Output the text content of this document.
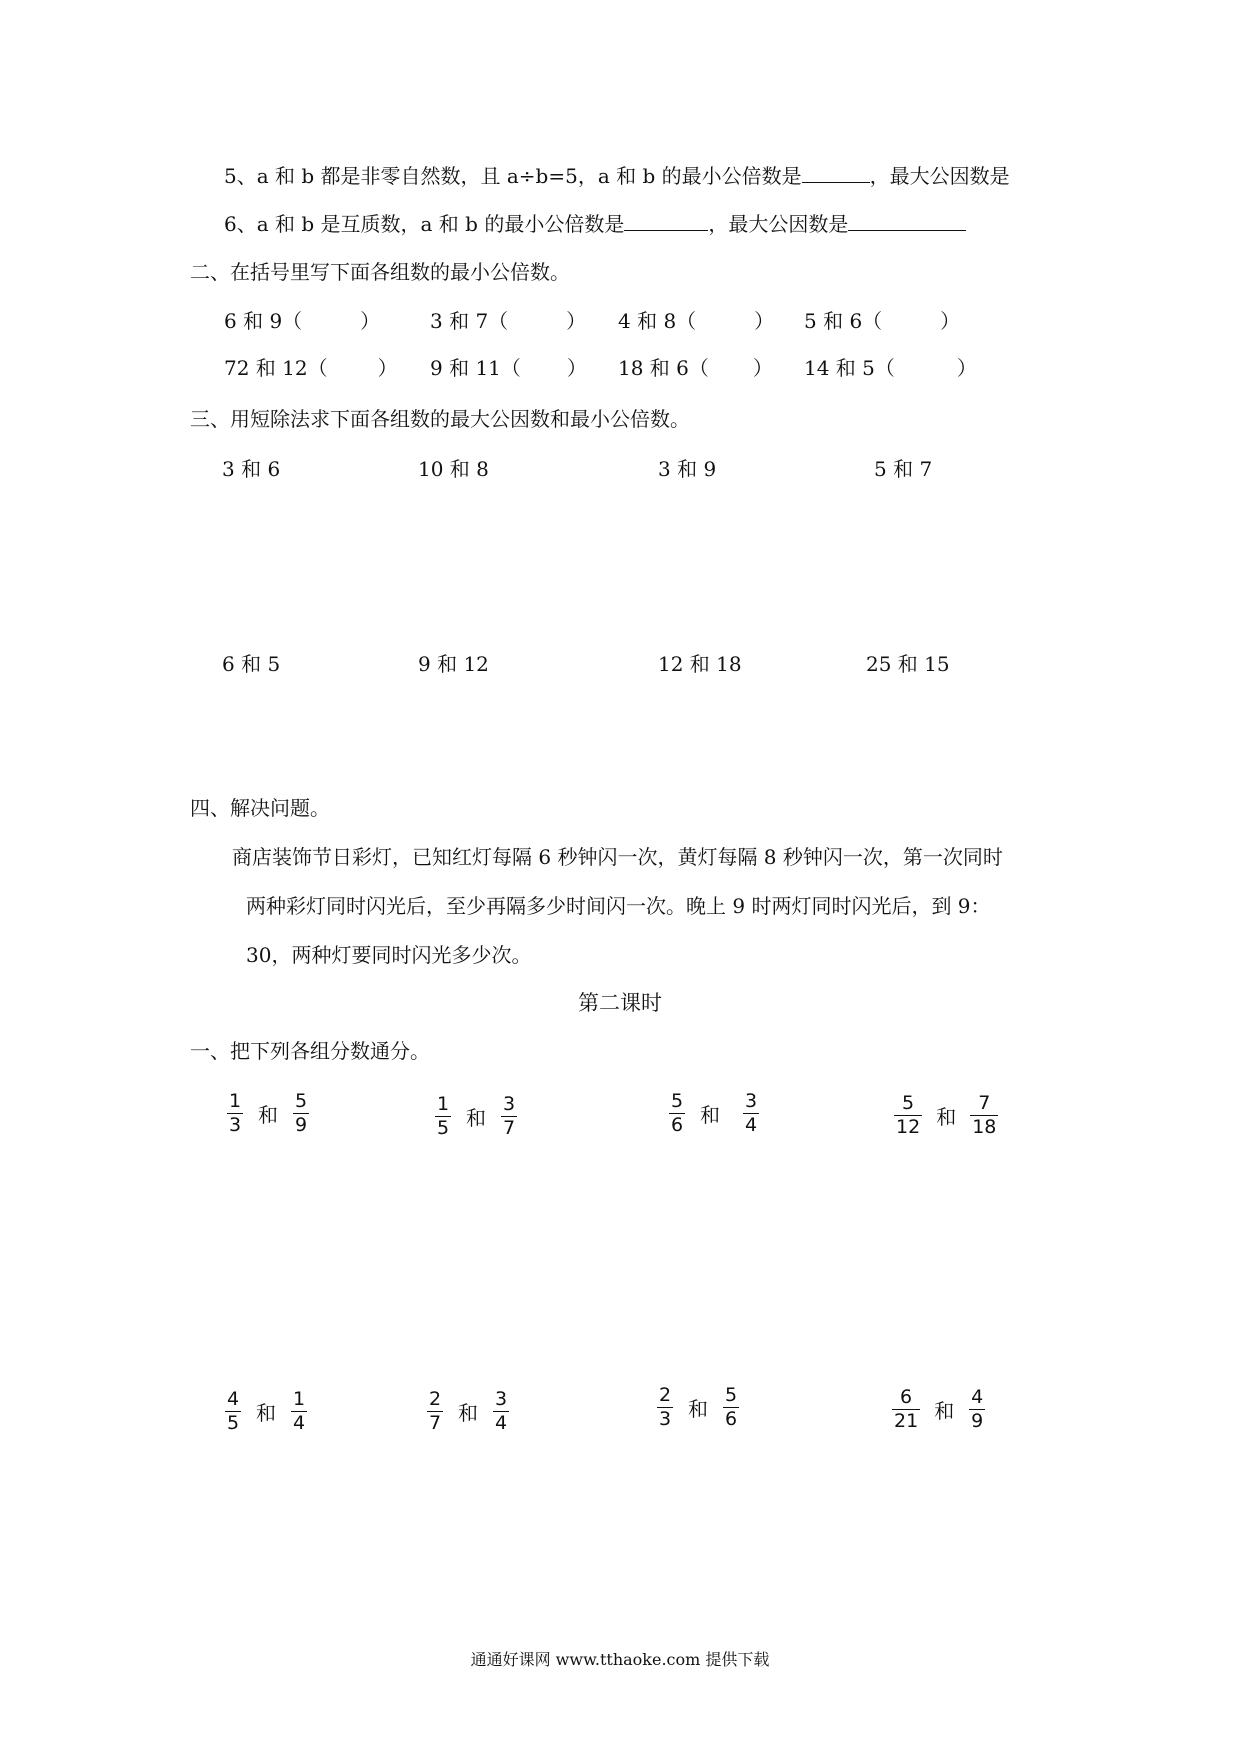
5、a 和 b 都是非零自然数，且 a÷b=5，a 和 b 的最小公倍数是	，最大公因数是
6、a 和 b 是互质数，a 和 b 的最小公倍数是	，最大公因数是
二、在括号里写下面各组数的最小公倍数。
6 和 9（	） 3 和 7（	） 4 和 8（	） 5 和 6（	）
72 和 12（	） 9 和 11（ ） 18 和 6（ ） 14 和 5（	）
三、用短除法求下面各组数的最大公因数和最小公倍数。
3 和 6	10 和 8	3 和 9	5 和 7
6 和 5	9 和 12	12 和 18	25 和 15
四、解决问题。
商店装饰节日彩灯，已知红灯每隔 6 秒钟闪一次，黄灯每隔 8 秒钟闪一次，第一次同时
两种彩灯同时闪光后，至少再隔多少时间闪一次。晚上 9 时两灯同时闪光后，到 9：
30，两种灯要同时闪光多少次。
第二课时
一、把下列各组分数通分。
$\frac{1}{3}$ 和 $\frac{5}{9}$	$\frac{1}{5}$ 和 $\frac{3}{7}$	$\frac{5}{6}$ 和 $\frac{3}{4}$	$\frac{5}{12}$ 和 $\frac{7}{18}$
$\frac{4}{5}$ 和 $\frac{1}{4}$	$\frac{2}{7}$ 和 $\frac{3}{4}$	$\frac{2}{3}$ 和 $\frac{5}{6}$	$\frac{6}{21}$ 和 $\frac{4}{9}$
通通好课网 www.tthaoke.com 提供下载
